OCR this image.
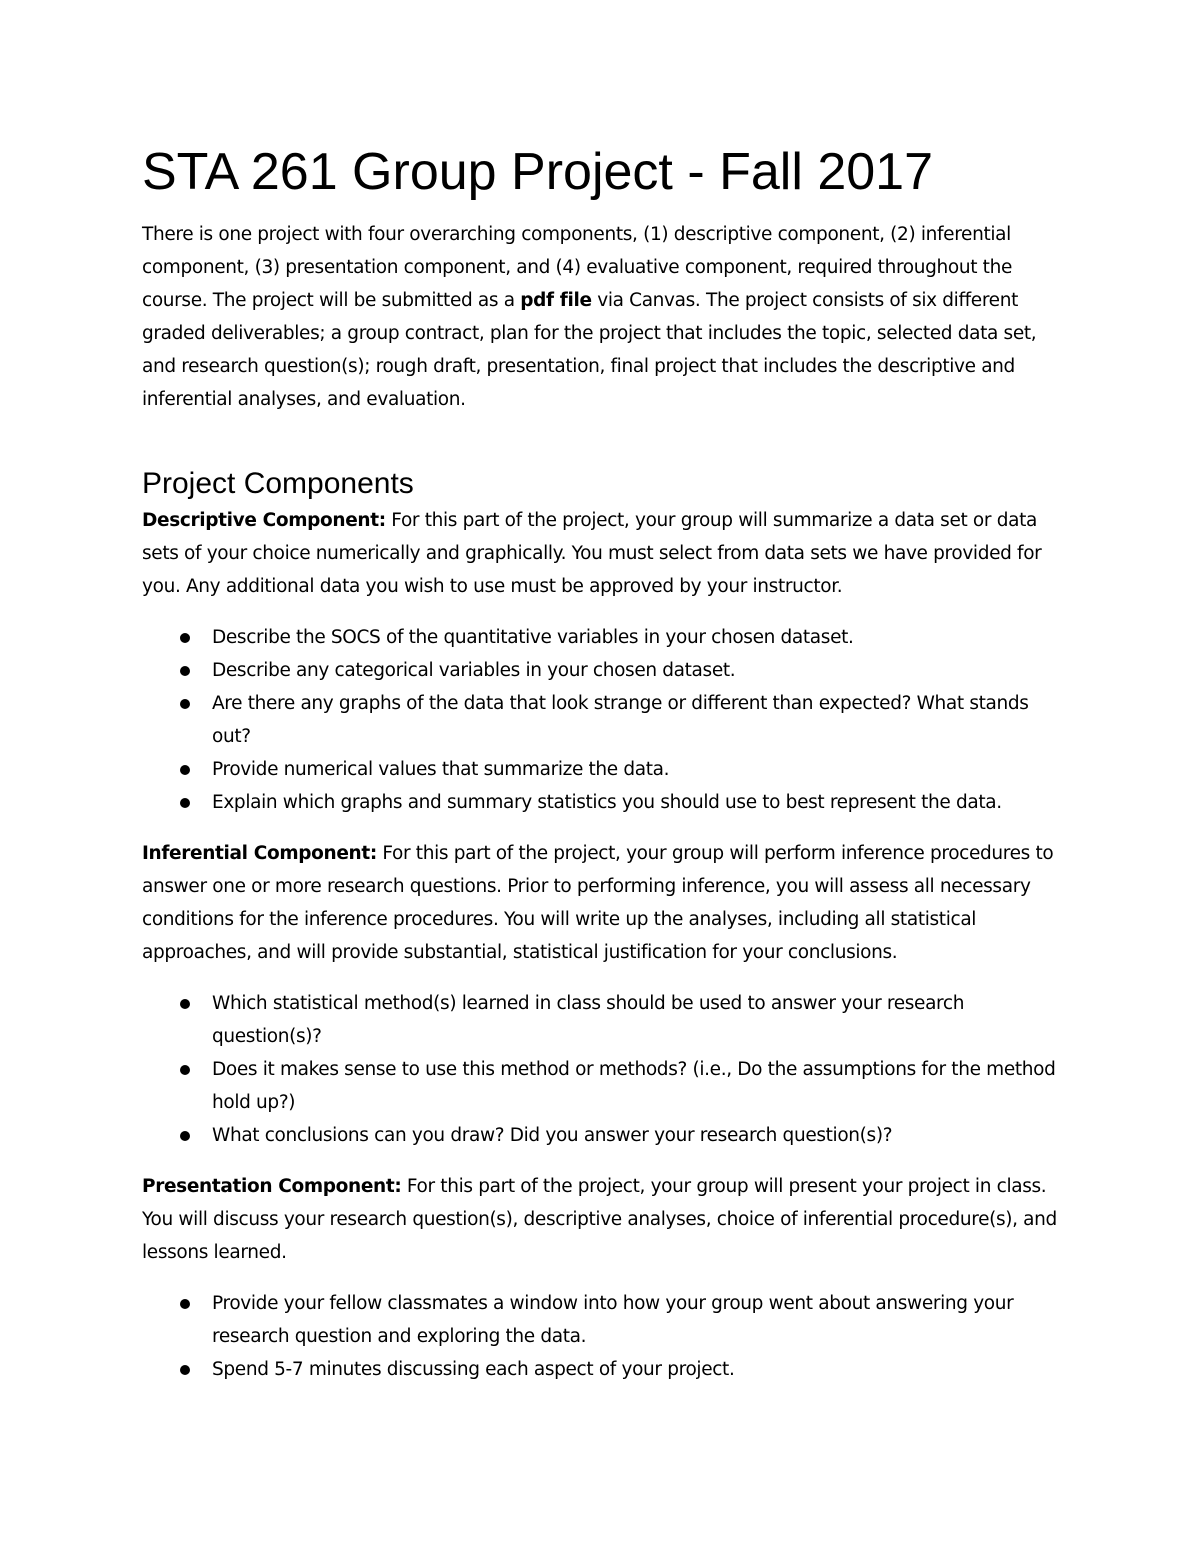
STA 261 Group Project - Fall 2017

There is one project with four overarching components, (1) descriptive component, (2) inferential component, (3) presentation component, and (4) evaluative component, required throughout the course. The project will be submitted as a pdf file via Canvas. The project consists of six different graded deliverables; a group contract, plan for the project that includes the topic, selected data set, and research question(s); rough draft, presentation, final project that includes the descriptive and inferential analyses, and evaluation.

Project Components

Descriptive Component: For this part of the project, your group will summarize a data set or data sets of your choice numerically and graphically. You must select from data sets we have provided for you. Any additional data you wish to use must be approved by your instructor.

Describe the SOCS of the quantitative variables in your chosen dataset.
Describe any categorical variables in your chosen dataset.
Are there any graphs of the data that look strange or different than expected? What stands out?
Provide numerical values that summarize the data.
Explain which graphs and summary statistics you should use to best represent the data.

Inferential Component: For this part of the project, your group will perform inference procedures to answer one or more research questions. Prior to performing inference, you will assess all necessary conditions for the inference procedures. You will write up the analyses, including all statistical approaches, and will provide substantial, statistical justification for your conclusions.

Which statistical method(s) learned in class should be used to answer your research question(s)?
Does it makes sense to use this method or methods? (i.e., Do the assumptions for the method hold up?)
What conclusions can you draw? Did you answer your research question(s)?

Presentation Component: For this part of the project, your group will present your project in class. You will discuss your research question(s), descriptive analyses, choice of inferential procedure(s), and lessons learned.

Provide your fellow classmates a window into how your group went about answering your research question and exploring the data.
Spend 5-7 minutes discussing each aspect of your project.
